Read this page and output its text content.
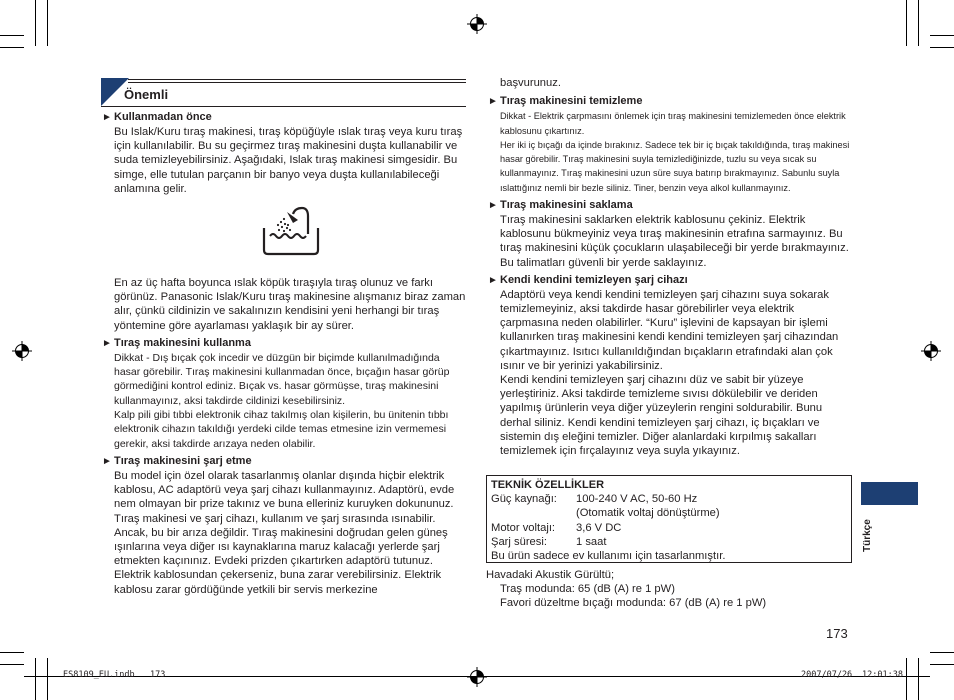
Önemli
► Kullanmadan önce

Bu Islak/Kuru tıraş makinesi, tıraş köpüğüyle ıslak tıraş veya kuru tıraş için kullanılabilir. Bu su geçirmez tıraş makinesini duşta kullanabilir ve suda temizleyebilirsiniz. Aşağıdaki, Islak tıraş makinesi simgesidir. Bu simge, elle tutulan parçanın bir banyo veya duşta kullanılabileceği anlamına gelir.

En az üç hafta boyunca ıslak köpük tıraşıyla tıraş olunuz ve farkı görünüz. Panasonic Islak/Kuru tıraş makinesine alışmanız biraz zaman alır, çünkü cildinizin ve sakalınızın kendisini yeni herhangi bir tıraş yöntemine göre ayarlaması yaklaşık bir ay sürer.

► Tıraş makinesini kullanma

Dikkat - Dış bıçak çok incedir ve düzgün bir biçimde kullanılmadığında hasar görebilir. Tıraş makinesini kullanmadan önce, bıçağın hasar görüp görmediğini kontrol ediniz. Bıçak vs. hasar görmüşse, tıraş makinesini kullanmayınız, aksi takdirde cildinizi kesebilirsiniz.

Kalp pili gibi tıbbi elektronik cihaz takılmış olan kişilerin, bu ünitenin tıbbı elektronik cihazın takıldığı yerdeki cilde temas etmesine izin vermemesi gerekir, aksi takdirde arızaya neden olabilir.

► Tıraş makinesini şarj etme

Bu model için özel olarak tasarlanmış olanlar dışında hiçbir elektrik kablosu, AC adaptörü veya şarj cihazı kullanmayınız. Adaptörü, evde nem olmayan bir prize takınız ve buna elleriniz kuruyken dokununuz. Tıraş makinesi ve şarj cihazı, kullanım ve şarj sırasında ısınabilir. Ancak, bu bir arıza değildir. Tıraş makinesini doğrudan gelen güneş ışınlarına veya diğer ısı kaynaklarına maruz kalacağı yerlerde şarj etmekten kaçınınız. Evdeki prizden çıkartırken adaptörü tutunuz. Elektrik kablosundan çekerseniz, buna zarar verebilirsiniz. Elektrik kablosu zarar gördüğünde yetkili bir servis merkezine

başvurunuz.

► Tıraş makinesini temizleme

Dikkat - Elektrik çarpmasını önlemek için tıraş makinesini temizlemeden önce elektrik kablosunu çıkartınız.

Her iki iç bıçağı da içinde bırakınız. Sadece tek bir iç bıçak takıldığında, tıraş makinesi hasar görebilir. Tıraş makinesini suyla temizlediğinizde, tuzlu su veya sıcak su kullanmayınız. Tıraş makinesini uzun süre suya batırıp bırakmayınız. Sabunlu suyla ıslattığınız nemli bir bezle siliniz. Tiner, benzin veya alkol kullanmayınız.

► Tıraş makinesini saklama

Tıraş makinesini saklarken elektrik kablosunu çekiniz. Elektrik kablosunu bükmeyiniz veya tıraş makinesinin etrafına sarmayınız. Bu tıraş makinesini küçük çocukların ulaşabileceği bir yerde bırakmayınız. Bu talimatları güvenli bir yerde saklayınız.

► Kendi kendini temizleyen şarj cihazı

Adaptörü veya kendi kendini temizleyen şarj cihazını suya sokarak temizlemeyiniz, aksi takdirde hasar görebilirler veya elektrik çarpmasına neden olabilirler. “Kuru” işlevini de kapsayan bir işlemi kullanırken tıraş makinesini kendi kendini temizleyen şarj cihazından çıkartmayınız. Isıtıcı kullanıldığından bıçakların etrafındaki alan çok ısınır ve bir yerinizi yakabilirsiniz.

Kendi kendini temizleyen şarj cihazını düz ve sabit bir yüzeye yerleştiriniz. Aksi takdirde temizleme sıvısı dökülebilir ve deriden yapılmış ürünlerin veya diğer yüzeylerin rengini soldurabilir. Bunu derhal siliniz. Kendi kendini temizleyen şarj cihazı, iç bıçakları ve sistemin dış eleğini temizler. Diğer alanlardaki kırpılmış sakalları temizlemek için fırçalayınız veya suyla yıkayınız.

TEKNİK ÖZELLİKLER
Güç kaynağı:	100-240 V AC, 50-60 Hz
	(Otomatik voltaj dönüştürme)
Motor voltajı:	3,6 V DC
Şarj süresi:	1 saat
Bu ürün sadece ev kullanımı için tasarlanmıştır.

Havadaki Akustik Gürültü;

Traş modunda: 65 (dB (A) re 1 pW)

Favori düzeltme bıçağı modunda: 67 (dB (A) re 1 pW)

Türkçe
173
ES8109_EU.indb 173	2007/07/26 12:01:38
